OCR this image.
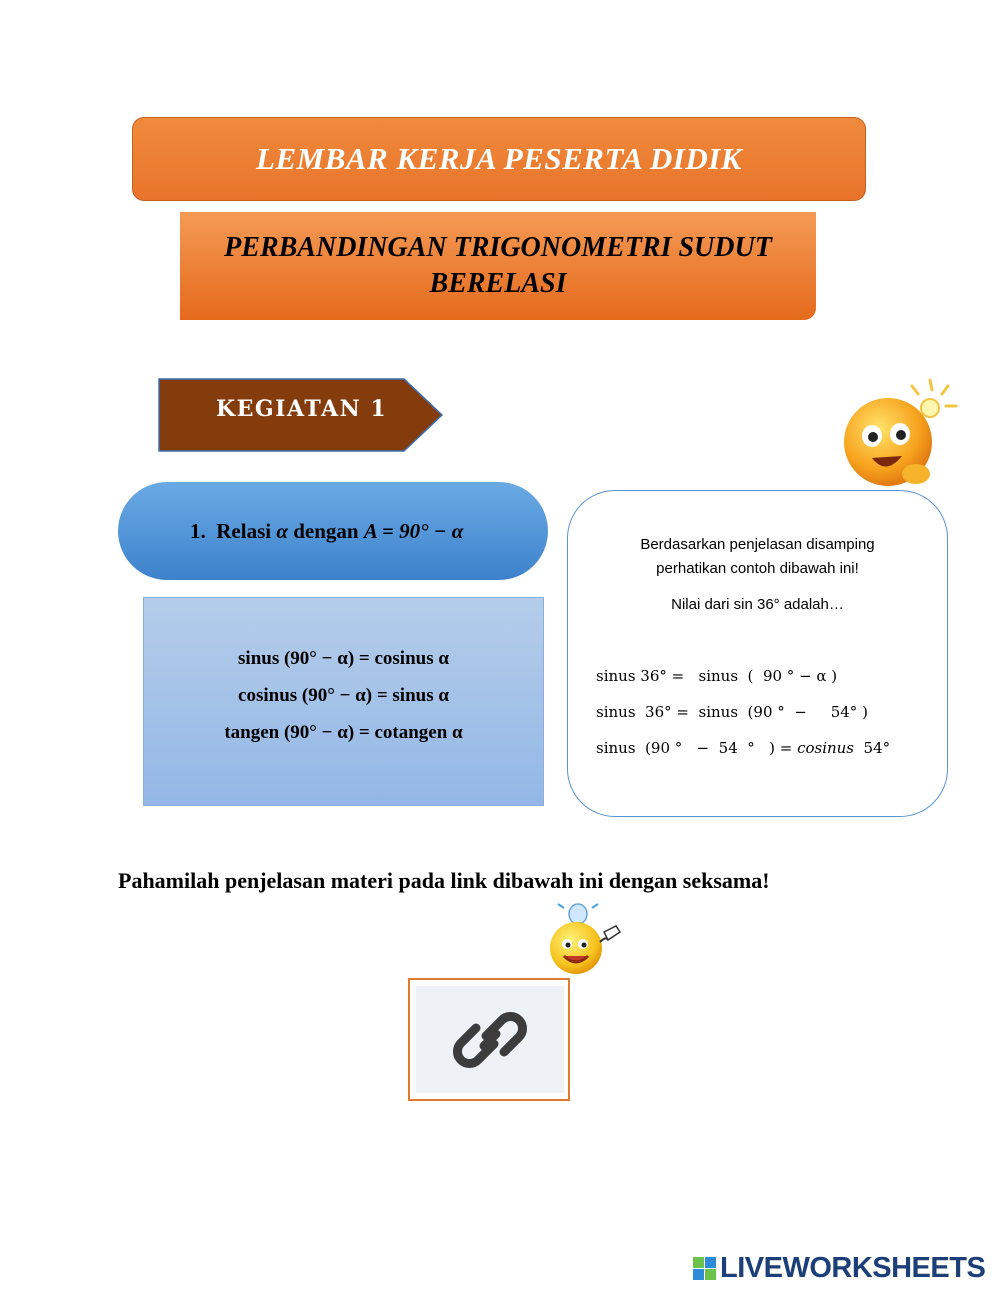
LEMBAR KERJA PESERTA DIDIK
PERBANDINGAN TRIGONOMETRI SUDUT BERELASI
KEGIATAN 1
1. Relasi α dengan A = 90° − α
sinus (90° − α) = cosinus α
cosinus (90° − α) = sinus α
tangen (90° − α) = cotangen α
Berdasarkan penjelasan disamping
perhatikan contoh dibawah ini!
Nilai dari sin 36° adalah…
sinus 36° =   sinus  (  90 ° − α )
sinus  36° =  sinus  (90 °  −     54° )
sinus  (90 °   −  54  °   ) = cosinus  54°
Pahamilah penjelasan materi pada link dibawah ini dengan seksama!
LIVEWORKSHEETS
